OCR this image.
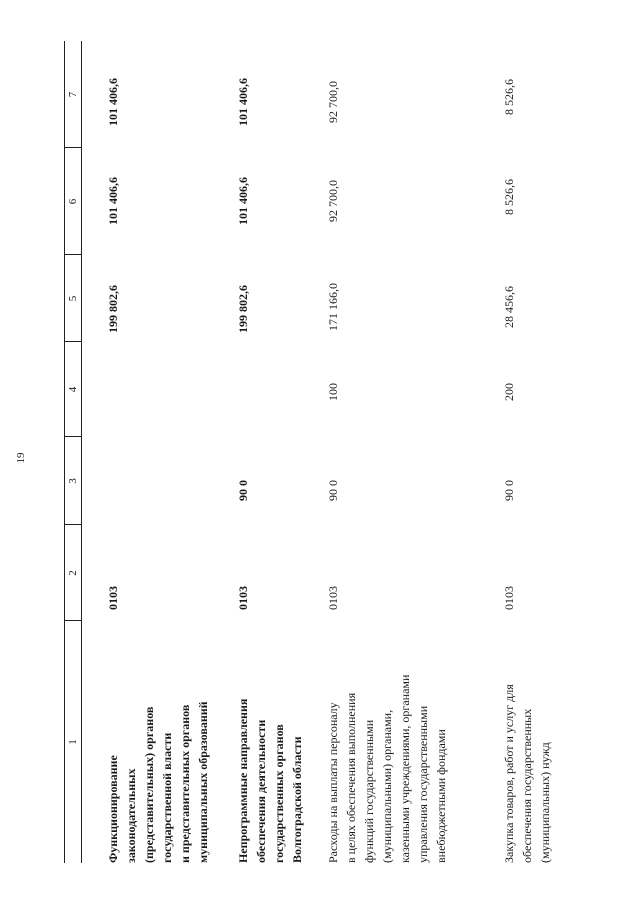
19
1
2
3
4
5
6
7
Функционирование законодательных (представительных) органов государственной власти и представительных органов муниципальных образований
0103
199 802,6
101 406,6
101 406,6
Непрограммные направления обеспечения деятельности государственных органов Волгоградской области
0103
90 0
199 802,6
101 406,6
101 406,6
Расходы на выплаты персоналу в целях обеспечения выполнения функций государственными (муниципальными) органами, казенными учреждениями, органами управления государственными внебюджетными фондами
0103
90 0
100
171 166,0
92 700,0
92 700,0
Закупка товаров, работ и услуг для обеспечения государственных (муниципальных) нужд
0103
90 0
200
28 456,6
8 526,6
8 526,6
